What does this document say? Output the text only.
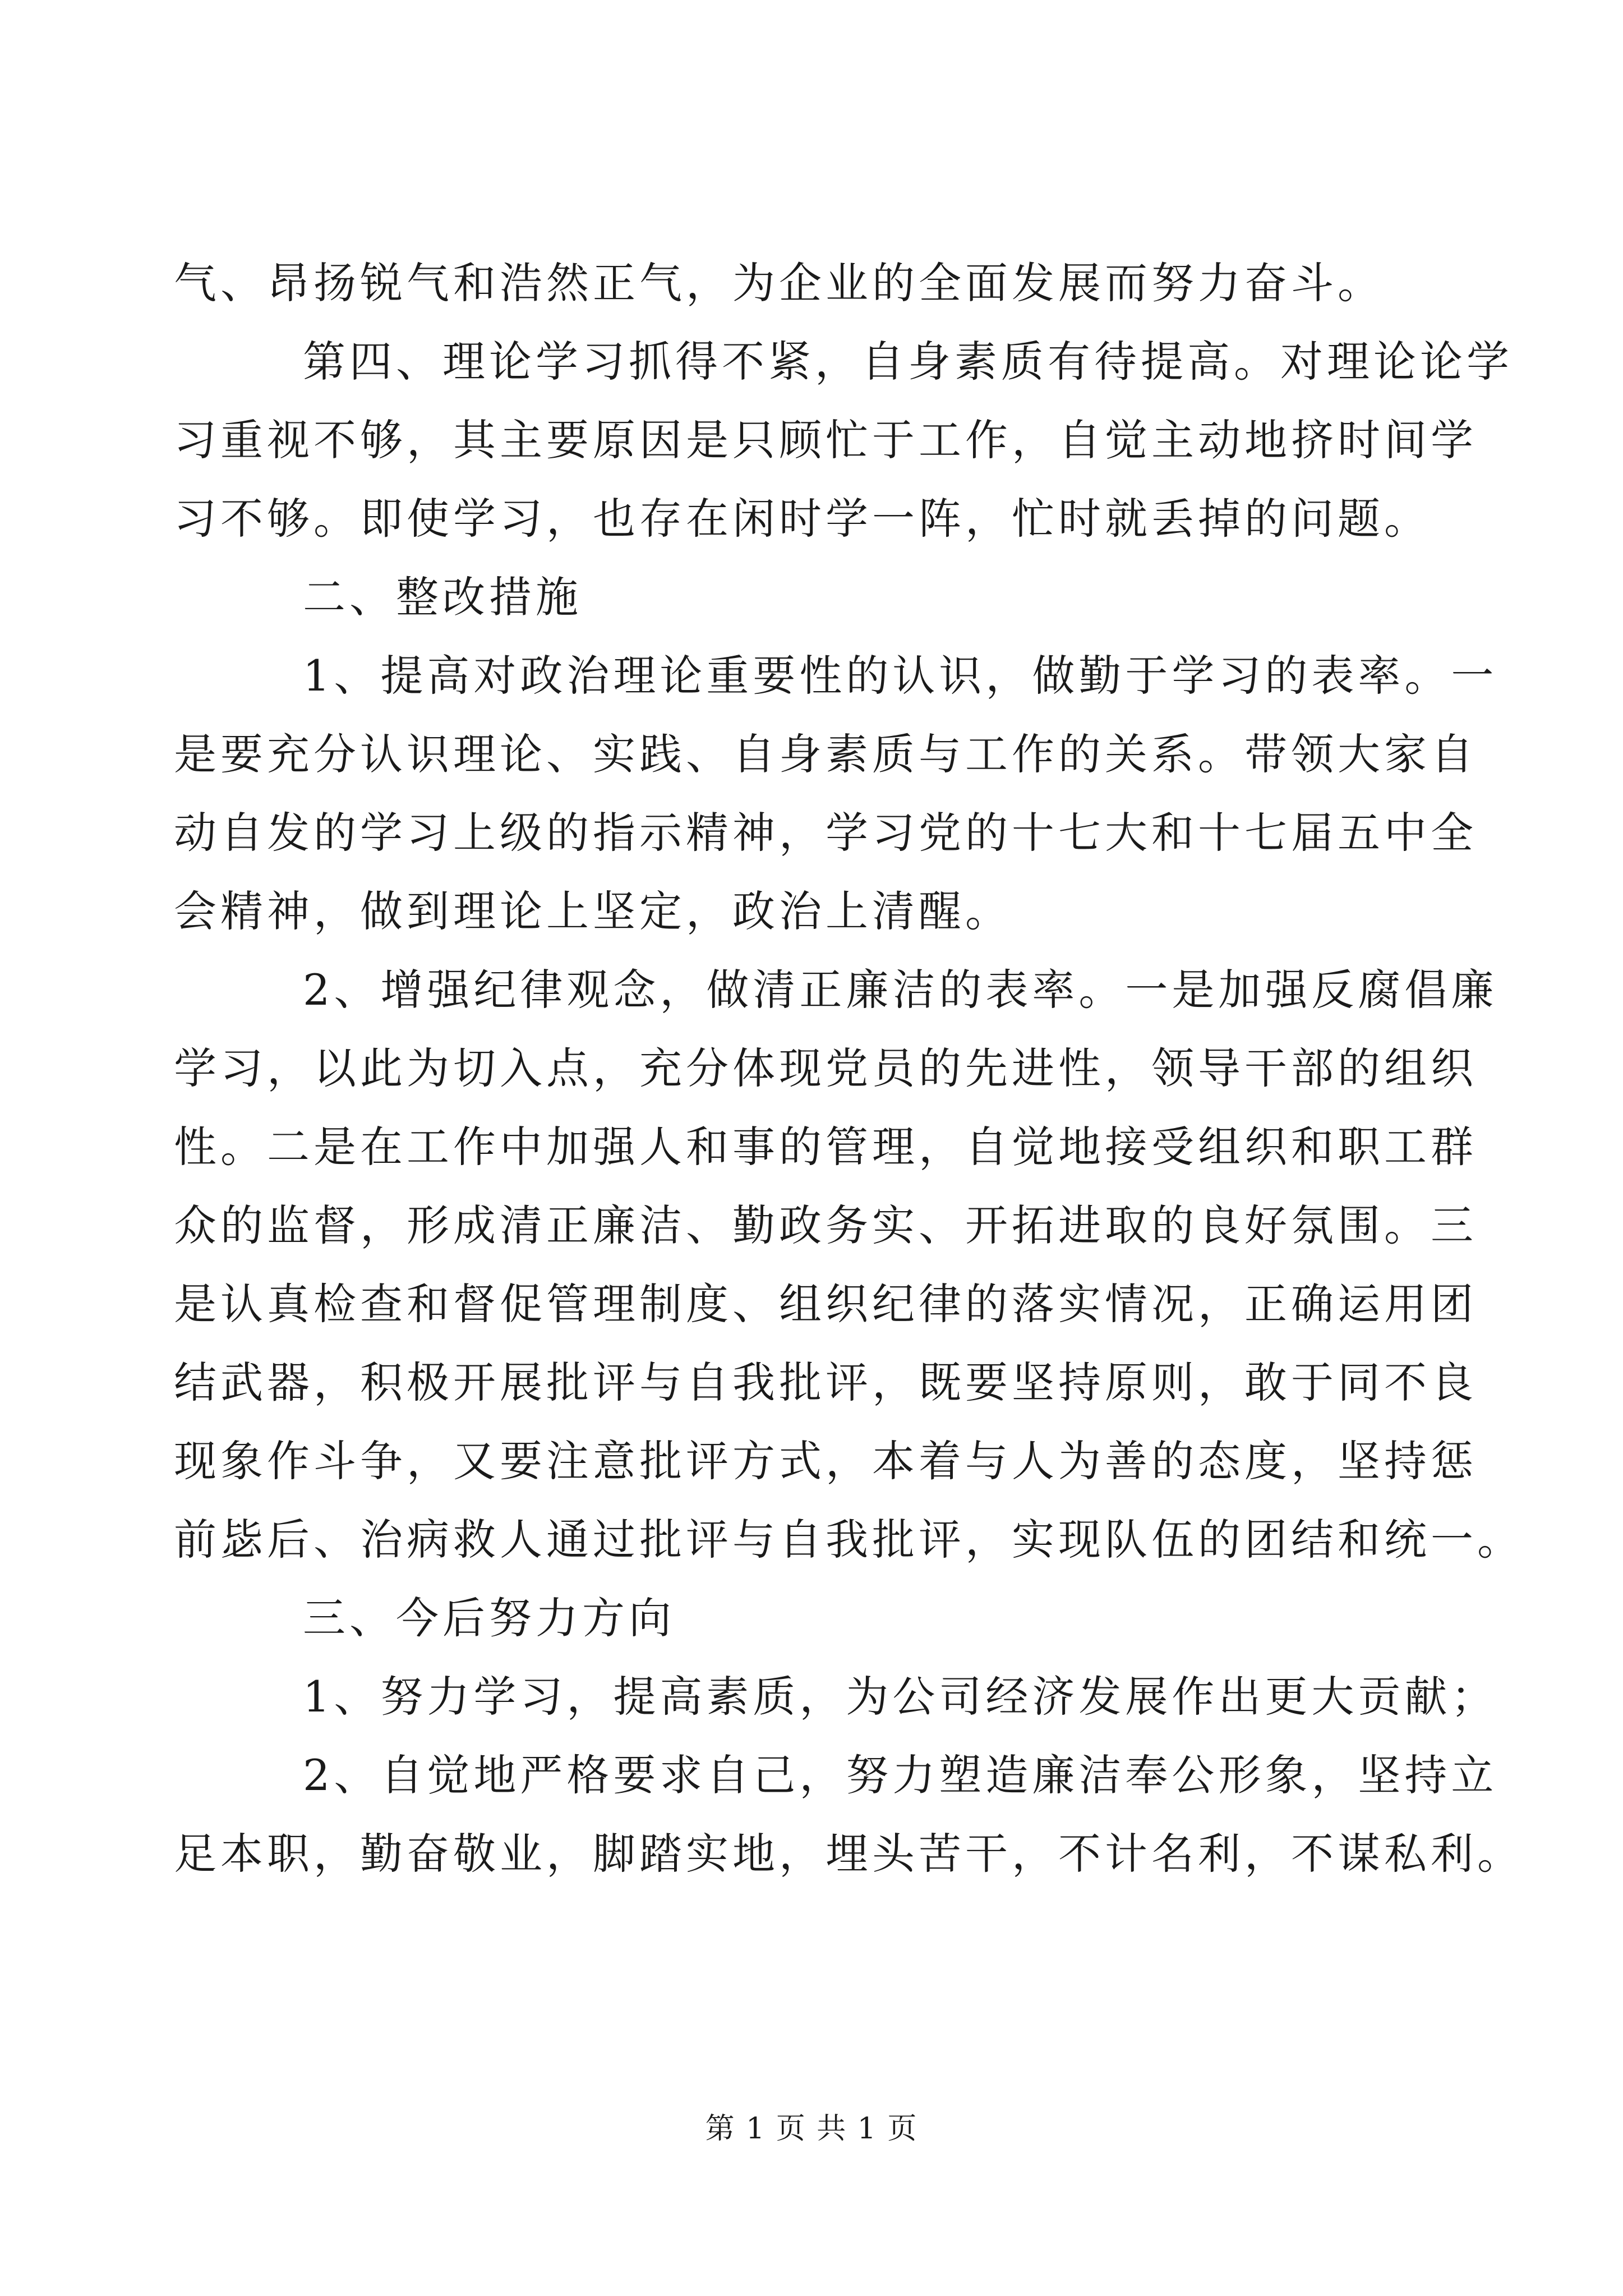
气、昂扬锐气和浩然正气，为企业的全面发展而努力奋斗。
第四、理论学习抓得不紧，自身素质有待提高。对理论论学
习重视不够，其主要原因是只顾忙于工作，自觉主动地挤时间学
习不够。即使学习，也存在闲时学一阵，忙时就丢掉的问题。
二、整改措施
1、提高对政治理论重要性的认识，做勤于学习的表率。一
是要充分认识理论、实践、自身素质与工作的关系。带领大家自
动自发的学习上级的指示精神，学习党的十七大和十七届五中全
会精神，做到理论上坚定，政治上清醒。
2、增强纪律观念，做清正廉洁的表率。一是加强反腐倡廉
学习，以此为切入点，充分体现党员的先进性，领导干部的组织
性。二是在工作中加强人和事的管理，自觉地接受组织和职工群
众的监督，形成清正廉洁、勤政务实、开拓进取的良好氛围。三
是认真检查和督促管理制度、组织纪律的落实情况，正确运用团
结武器，积极开展批评与自我批评，既要坚持原则，敢于同不良
现象作斗争，又要注意批评方式，本着与人为善的态度，坚持惩
前毖后、治病救人通过批评与自我批评，实现队伍的团结和统一。
三、今后努力方向
1、努力学习，提高素质，为公司经济发展作出更大贡献；
2、自觉地严格要求自己，努力塑造廉洁奉公形象，坚持立
足本职，勤奋敬业，脚踏实地，埋头苦干，不计名利，不谋私利。
第 1 页 共 1 页
